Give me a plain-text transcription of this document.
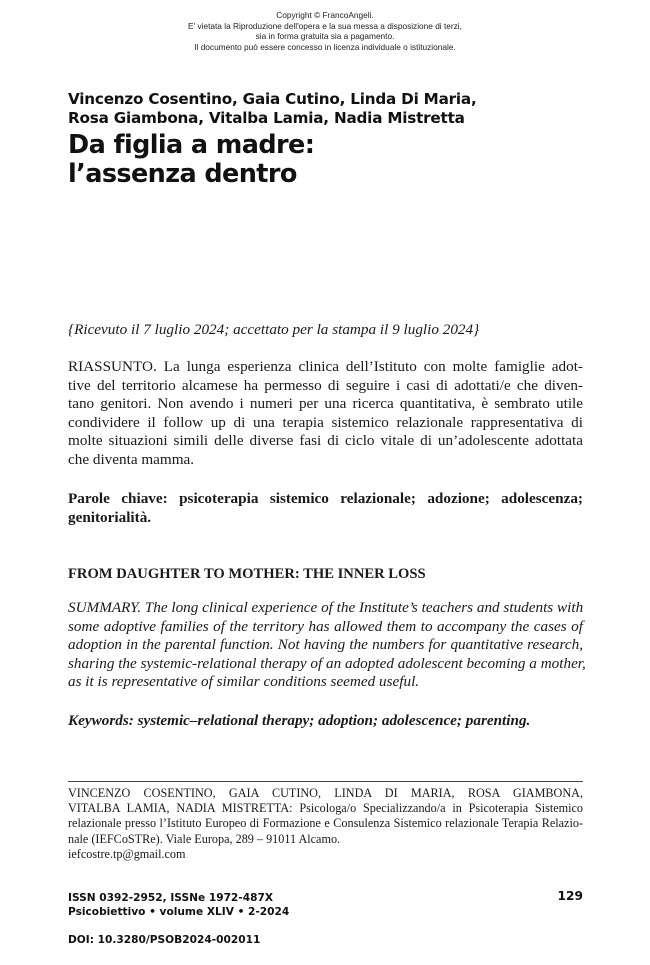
Copyright © FrancoAngeli.
E' vietata la Riproduzione dell'opera e la sua messa a disposizione di terzi,
sia in forma gratuita sia a pagamento.
Il documento può essere concesso in licenza individuale o istituzionale.
Vincenzo Cosentino, Gaia Cutino, Linda Di Maria,
Rosa Giambona, Vitalba Lamia, Nadia Mistretta
Da figlia a madre:
l’assenza dentro
{Ricevuto il 7 luglio 2024; accettato per la stampa il 9 luglio 2024}
RIASSUNTO. La lunga esperienza clinica dell’Istituto con molte famiglie adot-
tive del territorio alcamese ha permesso di seguire i casi di adottati/e che diven-
tano genitori. Non avendo i numeri per una ricerca quantitativa, è sembrato utile
condividere il follow up di una terapia sistemico relazionale rappresentativa di
molte situazioni simili delle diverse fasi di ciclo vitale di un’adolescente adottata
che diventa mamma.
Parole chiave: psicoterapia sistemico relazionale; adozione; adolescenza;
genitorialità.
FROM DAUGHTER TO MOTHER: THE INNER LOSS
SUMMARY. The long clinical experience of the Institute’s teachers and students with
some adoptive families of the territory has allowed them to accompany the cases of
adoption in the parental function. Not having the numbers for quantitative research,
sharing the systemic-relational therapy of an adopted adolescent becoming a mother,
as it is representative of similar conditions seemed useful.
Keywords: systemic–relational therapy; adoption; adolescence; parenting.
VINCENZO COSENTINO, GAIA CUTINO, LINDA DI MARIA, ROSA GIAMBONA,
VITALBA LAMIA, NADIA MISTRETTA: Psicologa/o Specializzando/a in Psicoterapia Sistemico
relazionale presso l’Istituto Europeo di Formazione e Consulenza Sistemico relazionale Terapia Relazio-
nale (IEFCoSTRe). Viale Europa, 289 – 91011 Alcamo.
iefcostre.tp@gmail.com
ISSN 0392-2952, ISSNe 1972-487X
Psicobiettivo • volume XLIV • 2-2024
DOI: 10.3280/PSOB2024-002011
129
